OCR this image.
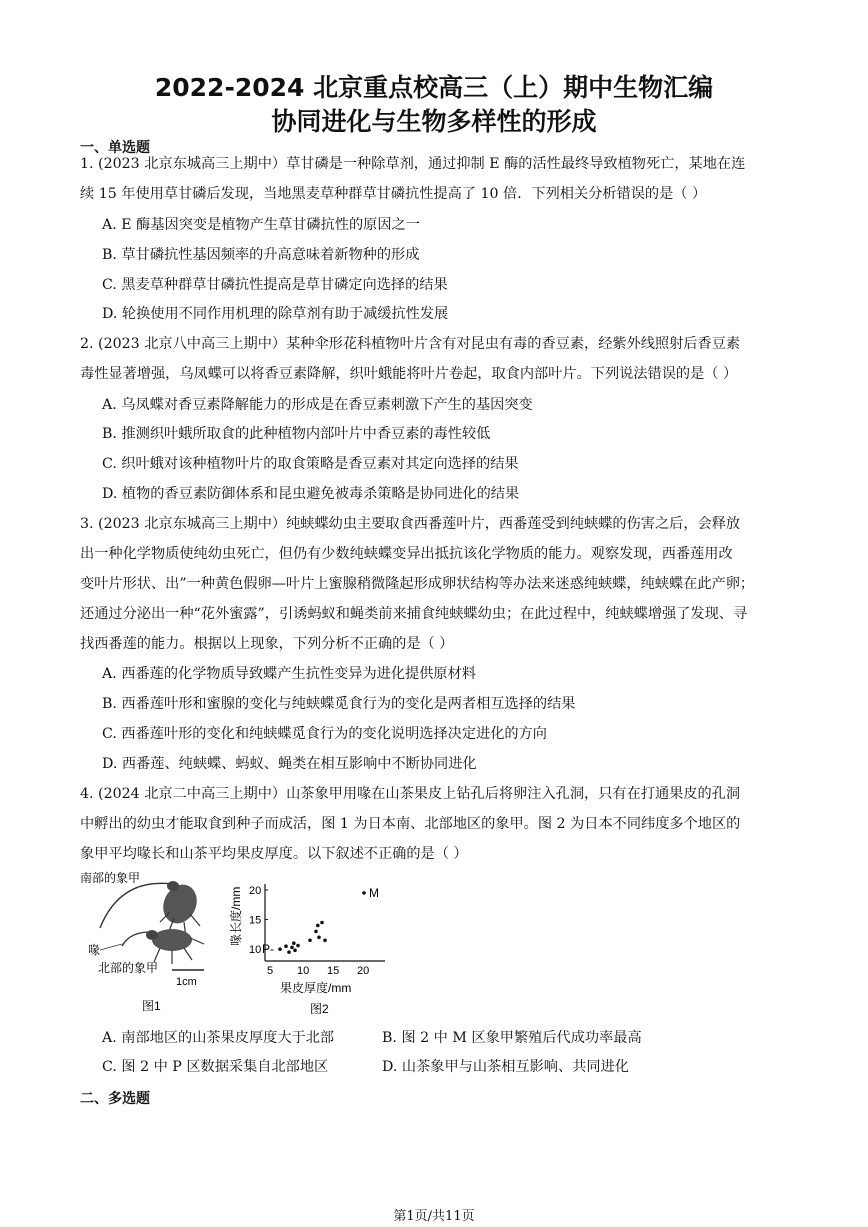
2022-2024 北京重点校高三（上）期中生物汇编
协同进化与生物多样性的形成
一、单选题
1. (2023 北京东城高三上期中）草甘磷是一种除草剂，通过抑制 E 酶的活性最终导致植物死亡，某地在连
续 15 年使用草甘磷后发现，当地黑麦草种群草甘磷抗性提高了 10 倍．下列相关分析错误的是（ ）
A. E 酶基因突变是植物产生草甘磷抗性的原因之一
B. 草甘磷抗性基因频率的升高意味着新物种的形成
C. 黑麦草种群草甘磷抗性提高是草甘磷定向选择的结果
D. 轮换使用不同作用机理的除草剂有助于减缓抗性发展
2. (2023 北京八中高三上期中）某种伞形花科植物叶片含有对昆虫有毒的香豆素，经紫外线照射后香豆素
毒性显著增强，乌凤蝶可以将香豆素降解，织叶蛾能将叶片卷起，取食内部叶片。下列说法错误的是（ ）
A. 乌凤蝶对香豆素降解能力的形成是在香豆素刺激下产生的基因突变
B. 推测织叶蛾所取食的此种植物内部叶片中香豆素的毒性较低
C. 织叶蛾对该种植物叶片的取食策略是香豆素对其定向选择的结果
D. 植物的香豆素防御体系和昆虫避免被毒杀策略是协同进化的结果
3. (2023 北京东城高三上期中）纯蛱蝶幼虫主要取食西番莲叶片，西番莲受到纯蛱蝶的伤害之后，会释放
出一种化学物质使纯幼虫死亡，但仍有少数纯蛱蝶变异出抵抗该化学物质的能力。观察发现，西番莲用改
变叶片形状、出”一种黄色假卵—叶片上蜜腺稍微隆起形成卵状结构等办法来迷惑纯蛱蝶，纯蛱蝶在此产卵；
还通过分泌出一种“花外蜜露”，引诱蚂蚁和蝇类前来捕食纯蛱蝶幼虫；在此过程中，纯蛱蝶增强了发现、寻
找西番莲的能力。根据以上现象，下列分析不正确的是（ ）
A. 西番莲的化学物质导致蝶产生抗性变异为进化提供原材料
B. 西番莲叶形和蜜腺的变化与纯蛱蝶觅食行为的变化是两者相互选择的结果
C. 西番莲叶形的变化和纯蛱蝶觅食行为的变化说明选择决定进化的方向
D. 西番莲、纯蛱蝶、蚂蚁、蝇类在相互影响中不断协同进化
4. (2024 北京二中高三上期中）山茶象甲用喙在山茶果皮上钻孔后将卵注入孔洞，只有在打通果皮的孔洞
中孵出的幼虫才能取食到种子而成活，图 1 为日本南、北部地区的象甲。图 2 为日本不同纬度多个地区的
象甲平均喙长和山茶平均果皮厚度。以下叙述不正确的是（ ）
南部的象甲
喙
北部的象甲
1cm
图1
喙长度/mm
果皮厚度/mm
图2
5 10 15 20
20
15
10 P-
M
A. 南部地区的山茶果皮厚度大于北部	B. 图 2 中 M 区象甲繁殖后代成功率最高
C. 图 2 中 P 区数据采集自北部地区	D. 山茶象甲与山茶相互影响、共同进化
二、多选题
第1页/共11页
